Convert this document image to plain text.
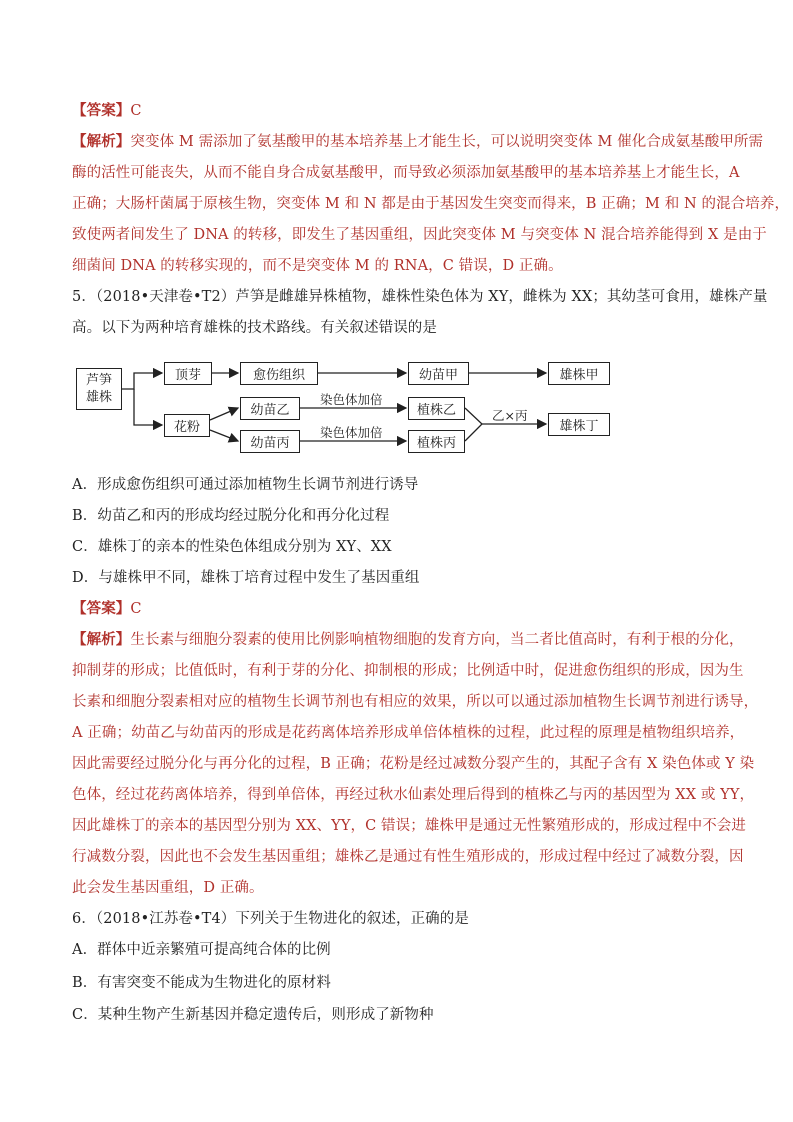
【答案】C
【解析】突变体 M 需添加了氨基酸甲的基本培养基上才能生长，可以说明突变体 M 催化合成氨基酸甲所需
酶的活性可能丧失，从而不能自身合成氨基酸甲，而导致必须添加氨基酸甲的基本培养基上才能生长，A
正确；大肠杆菌属于原核生物，突变体 M 和 N 都是由于基因发生突变而得来，B 正确；M 和 N 的混合培养，
致使两者间发生了 DNA 的转移，即发生了基因重组，因此突变体 M 与突变体 N 混合培养能得到 X 是由于
细菌间 DNA 的转移实现的，而不是突变体 M 的 RNA，C 错误，D 正确。
5．（2018•天津卷•T2）芦笋是雌雄异株植物，雄株性染色体为 XY，雌株为 XX；其幼茎可食用，雄株产量
高。以下为两种培育雄株的技术路线。有关叙述错误的是
芦笋
雄株
顶芽	愈伤组织	幼苗甲	雄株甲
花粉
幼苗乙
幼苗丙
染色体加倍
染色体加倍
植株乙
植株丙
乙×丙
雄株丁
A．形成愈伤组织可通过添加植物生长调节剂进行诱导
B．幼苗乙和丙的形成均经过脱分化和再分化过程
C．雄株丁的亲本的性染色体组成分别为 XY、XX
D．与雄株甲不同，雄株丁培育过程中发生了基因重组
【答案】C
【解析】生长素与细胞分裂素的使用比例影响植物细胞的发育方向，当二者比值高时，有利于根的分化，
抑制芽的形成；比值低时，有利于芽的分化、抑制根的形成；比例适中时，促进愈伤组织的形成，因为生
长素和细胞分裂素相对应的植物生长调节剂也有相应的效果，所以可以通过添加植物生长调节剂进行诱导，
A 正确；幼苗乙与幼苗丙的形成是花药离体培养形成单倍体植株的过程，此过程的原理是植物组织培养，
因此需要经过脱分化与再分化的过程，B 正确；花粉是经过减数分裂产生的，其配子含有 X 染色体或 Y 染
色体，经过花药离体培养，得到单倍体，再经过秋水仙素处理后得到的植株乙与丙的基因型为 XX 或 YY，
因此雄株丁的亲本的基因型分别为 XX、YY，C 错误；雄株甲是通过无性繁殖形成的，形成过程中不会进
行减数分裂，因此也不会发生基因重组；雄株乙是通过有性生殖形成的，形成过程中经过了减数分裂，因
此会发生基因重组，D 正确。
6．（2018•江苏卷•T4）下列关于生物进化的叙述，正确的是
A．群体中近亲繁殖可提高纯合体的比例
B．有害突变不能成为生物进化的原材料
C．某种生物产生新基因并稳定遗传后，则形成了新物种
